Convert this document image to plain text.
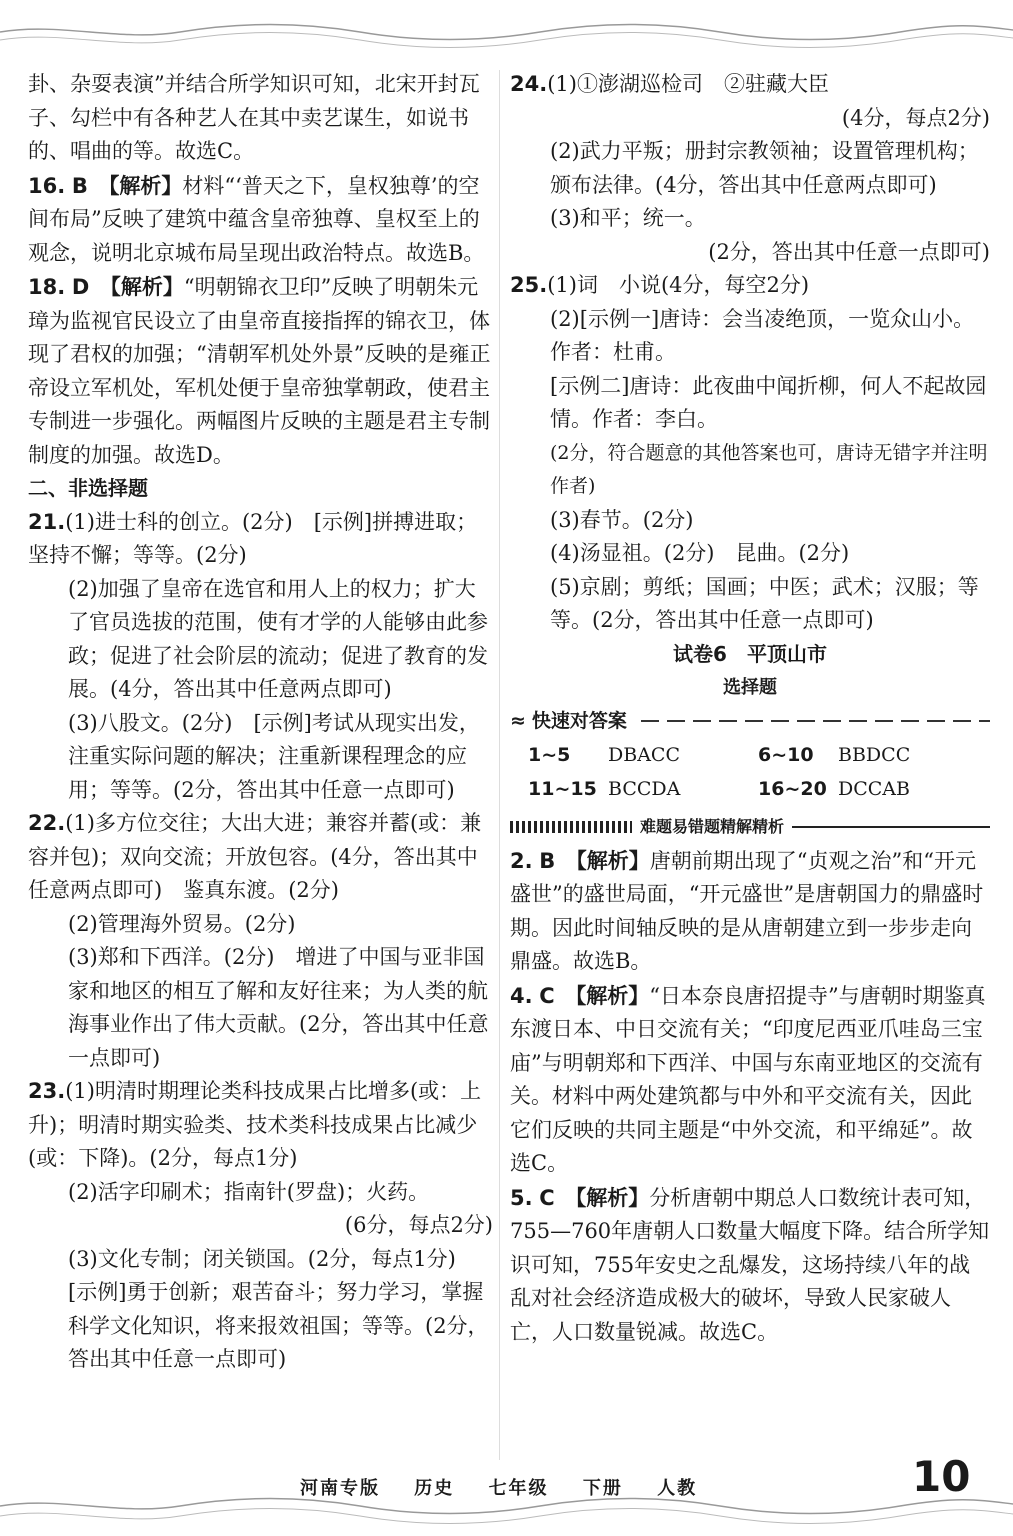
卦、杂耍表演”并结合所学知识可知，北宋开封瓦子、勾栏中有各种艺人在其中卖艺谋生，如说书的、唱曲的等。故选C。

16. B　 【解析】材料“‘普天之下，皇权独尊’的空间布局”反映了建筑中蕴含皇帝独尊、皇权至上的观念，说明北京城布局呈现出政治特点。故选B。

18. D　 【解析】“明朝锦衣卫印”反映了明朝朱元璋为监视官民设立了由皇帝直接指挥的锦衣卫，体现了君权的加强；“清朝军机处外景”反映的是雍正帝设立军机处，军机处便于皇帝独掌朝政，使君主专制进一步强化。两幅图片反映的主题是君主专制制度的加强。故选D。

二、非选择题

21.(1)进士科的创立。(2分)　[示例]拼搏进取；坚持不懈；等等。(2分)

(2)加强了皇帝在选官和用人上的权力；扩大了官员选拔的范围，使有才学的人能够由此参政；促进了社会阶层的流动；促进了教育的发展。(4分，答出其中任意两点即可)

(3)八股文。(2分)　[示例]考试从现实出发，注重实际问题的解决；注重新课程理念的应用；等等。(2分，答出其中任意一点即可)

22.(1)多方位交往；大出大进；兼容并蓄(或：兼容并包)；双向交流；开放包容。(4分，答出其中任意两点即可)　鉴真东渡。(2分)

(2)管理海外贸易。(2分)

(3)郑和下西洋。(2分)　增进了中国与亚非国家和地区的相互了解和友好往来；为人类的航海事业作出了伟大贡献。(2分，答出其中任意一点即可)

23.(1)明清时期理论类科技成果占比增多(或：上升)；明清时期实验类、技术类科技成果占比减少(或：下降)。(2分，每点1分)

(2)活字印刷术；指南针(罗盘)；火药。

(6分，每点2分)

(3)文化专制；闭关锁国。(2分，每点1分)

[示例]勇于创新；艰苦奋斗；努力学习，掌握科学文化知识，将来报效祖国；等等。(2分，答出其中任意一点即可)

24.(1)①澎湖巡检司　②驻藏大臣

(4分，每点2分)

(2)武力平叛；册封宗教领袖；设置管理机构；颁布法律。(4分，答出其中任意两点即可)

(3)和平；统一。

(2分，答出其中任意一点即可)

25.(1)词　小说(4分，每空2分)

(2)[示例一]唐诗：会当凌绝顶，一览众山小。作者：杜甫。

[示例二]唐诗：此夜曲中闻折柳，何人不起故园情。作者：李白。

(2分，符合题意的其他答案也可，唐诗无错字并注明作者)

(3)春节。(2分)

(4)汤显祖。(2分)　昆曲。(2分)

(5)京剧；剪纸；国画；中医；武术；汉服；等等。(2分，答出其中任意一点即可)

试卷6　平顶山市

选择题

≈ 快速对答案
1~5	DBACC	6~10	BBDCC
11~15 BCCDA	16~20 DCCAB
难题易错题精解精析

2. B　 【解析】唐朝前期出现了“贞观之治”和“开元盛世”的盛世局面，“开元盛世”是唐朝国力的鼎盛时期。因此时间轴反映的是从唐朝建立到一步步走向鼎盛。故选B。

4. C　 【解析】“日本奈良唐招提寺”与唐朝时期鉴真东渡日本、中日交流有关；“印度尼西亚爪哇岛三宝庙”与明朝郑和下西洋、中国与东南亚地区的交流有关。材料中两处建筑都与中外和平交流有关，因此它们反映的共同主题是“中外交流，和平绵延”。故选C。

5. C　 【解析】分析唐朝中期总人口数统计表可知，755—760年唐朝人口数量大幅度下降。结合所学知识可知，755年安史之乱爆发，这场持续八年的战乱对社会经济造成极大的破坏，导致人民家破人亡，人口数量锐减。故选C。

河南专版 历史 七年级 下册 人教	10
